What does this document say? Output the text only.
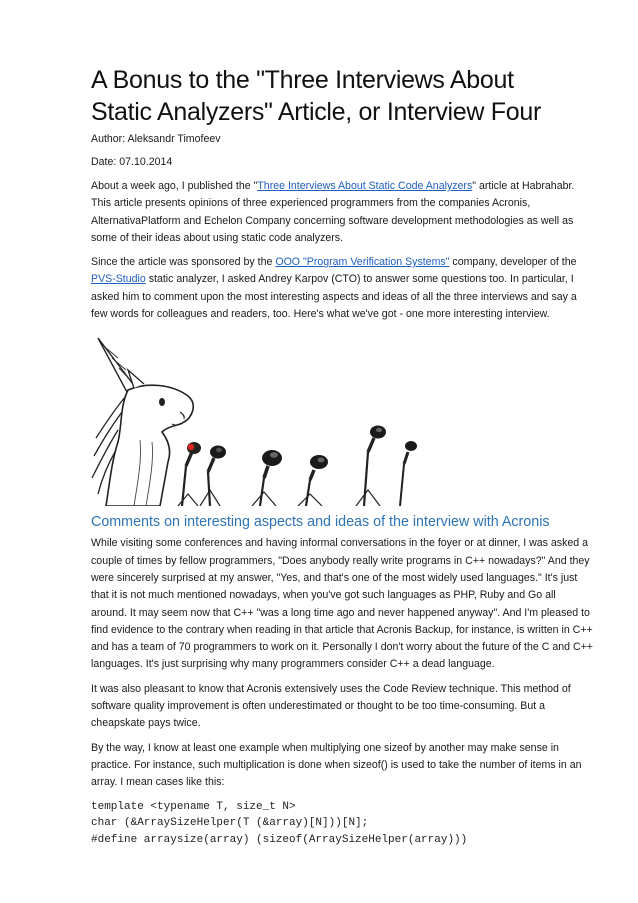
A Bonus to the "Three Interviews About
Static Analyzers" Article, or Interview Four
Author: Aleksandr Timofeev
Date: 07.10.2014

About a week ago, I published the "Three Interviews About Static Code Analyzers" article at Habrahabr. This article presents opinions of three experienced programmers from the companies Acronis, AlternativaPlatform and Echelon Company concerning software development methodologies as well as some of their ideas about using static code analyzers.

Since the article was sponsored by the OOO "Program Verification Systems" company, developer of the PVS-Studio static analyzer, I asked Andrey Karpov (CTO) to answer some questions too. In particular, I asked him to comment upon the most interesting aspects and ideas of all the three interviews and say a few words for colleagues and readers, too. Here's what we've got - one more interesting interview.

Comments on interesting aspects and ideas of the interview with Acronis

While visiting some conferences and having informal conversations in the foyer or at dinner, I was asked a couple of times by fellow programmers, "Does anybody really write programs in C++ nowadays?" And they were sincerely surprised at my answer, "Yes, and that's one of the most widely used languages." It's just that it is not much mentioned nowadays, when you've got such languages as PHP, Ruby and Go all around. It may seem now that C++ "was a long time ago and never happened anyway". And I'm pleased to find evidence to the contrary when reading in that article that Acronis Backup, for instance, is written in C++ and has a team of 70 programmers to work on it. Personally I don't worry about the future of the C and C++ languages. It's just surprising why many programmers consider C++ a dead language.

It was also pleasant to know that Acronis extensively uses the Code Review technique. This method of software quality improvement is often underestimated or thought to be too time-consuming. But a cheapskate pays twice.

By the way, I know at least one example when multiplying one sizeof by another may make sense in practice. For instance, such multiplication is done when sizeof() is used to take the number of items in an array. I mean cases like this:

template <typename T, size_t N>
char (&ArraySizeHelper(T (&array)[N]))[N];
#define arraysize(array) (sizeof(ArraySizeHelper(array)))
